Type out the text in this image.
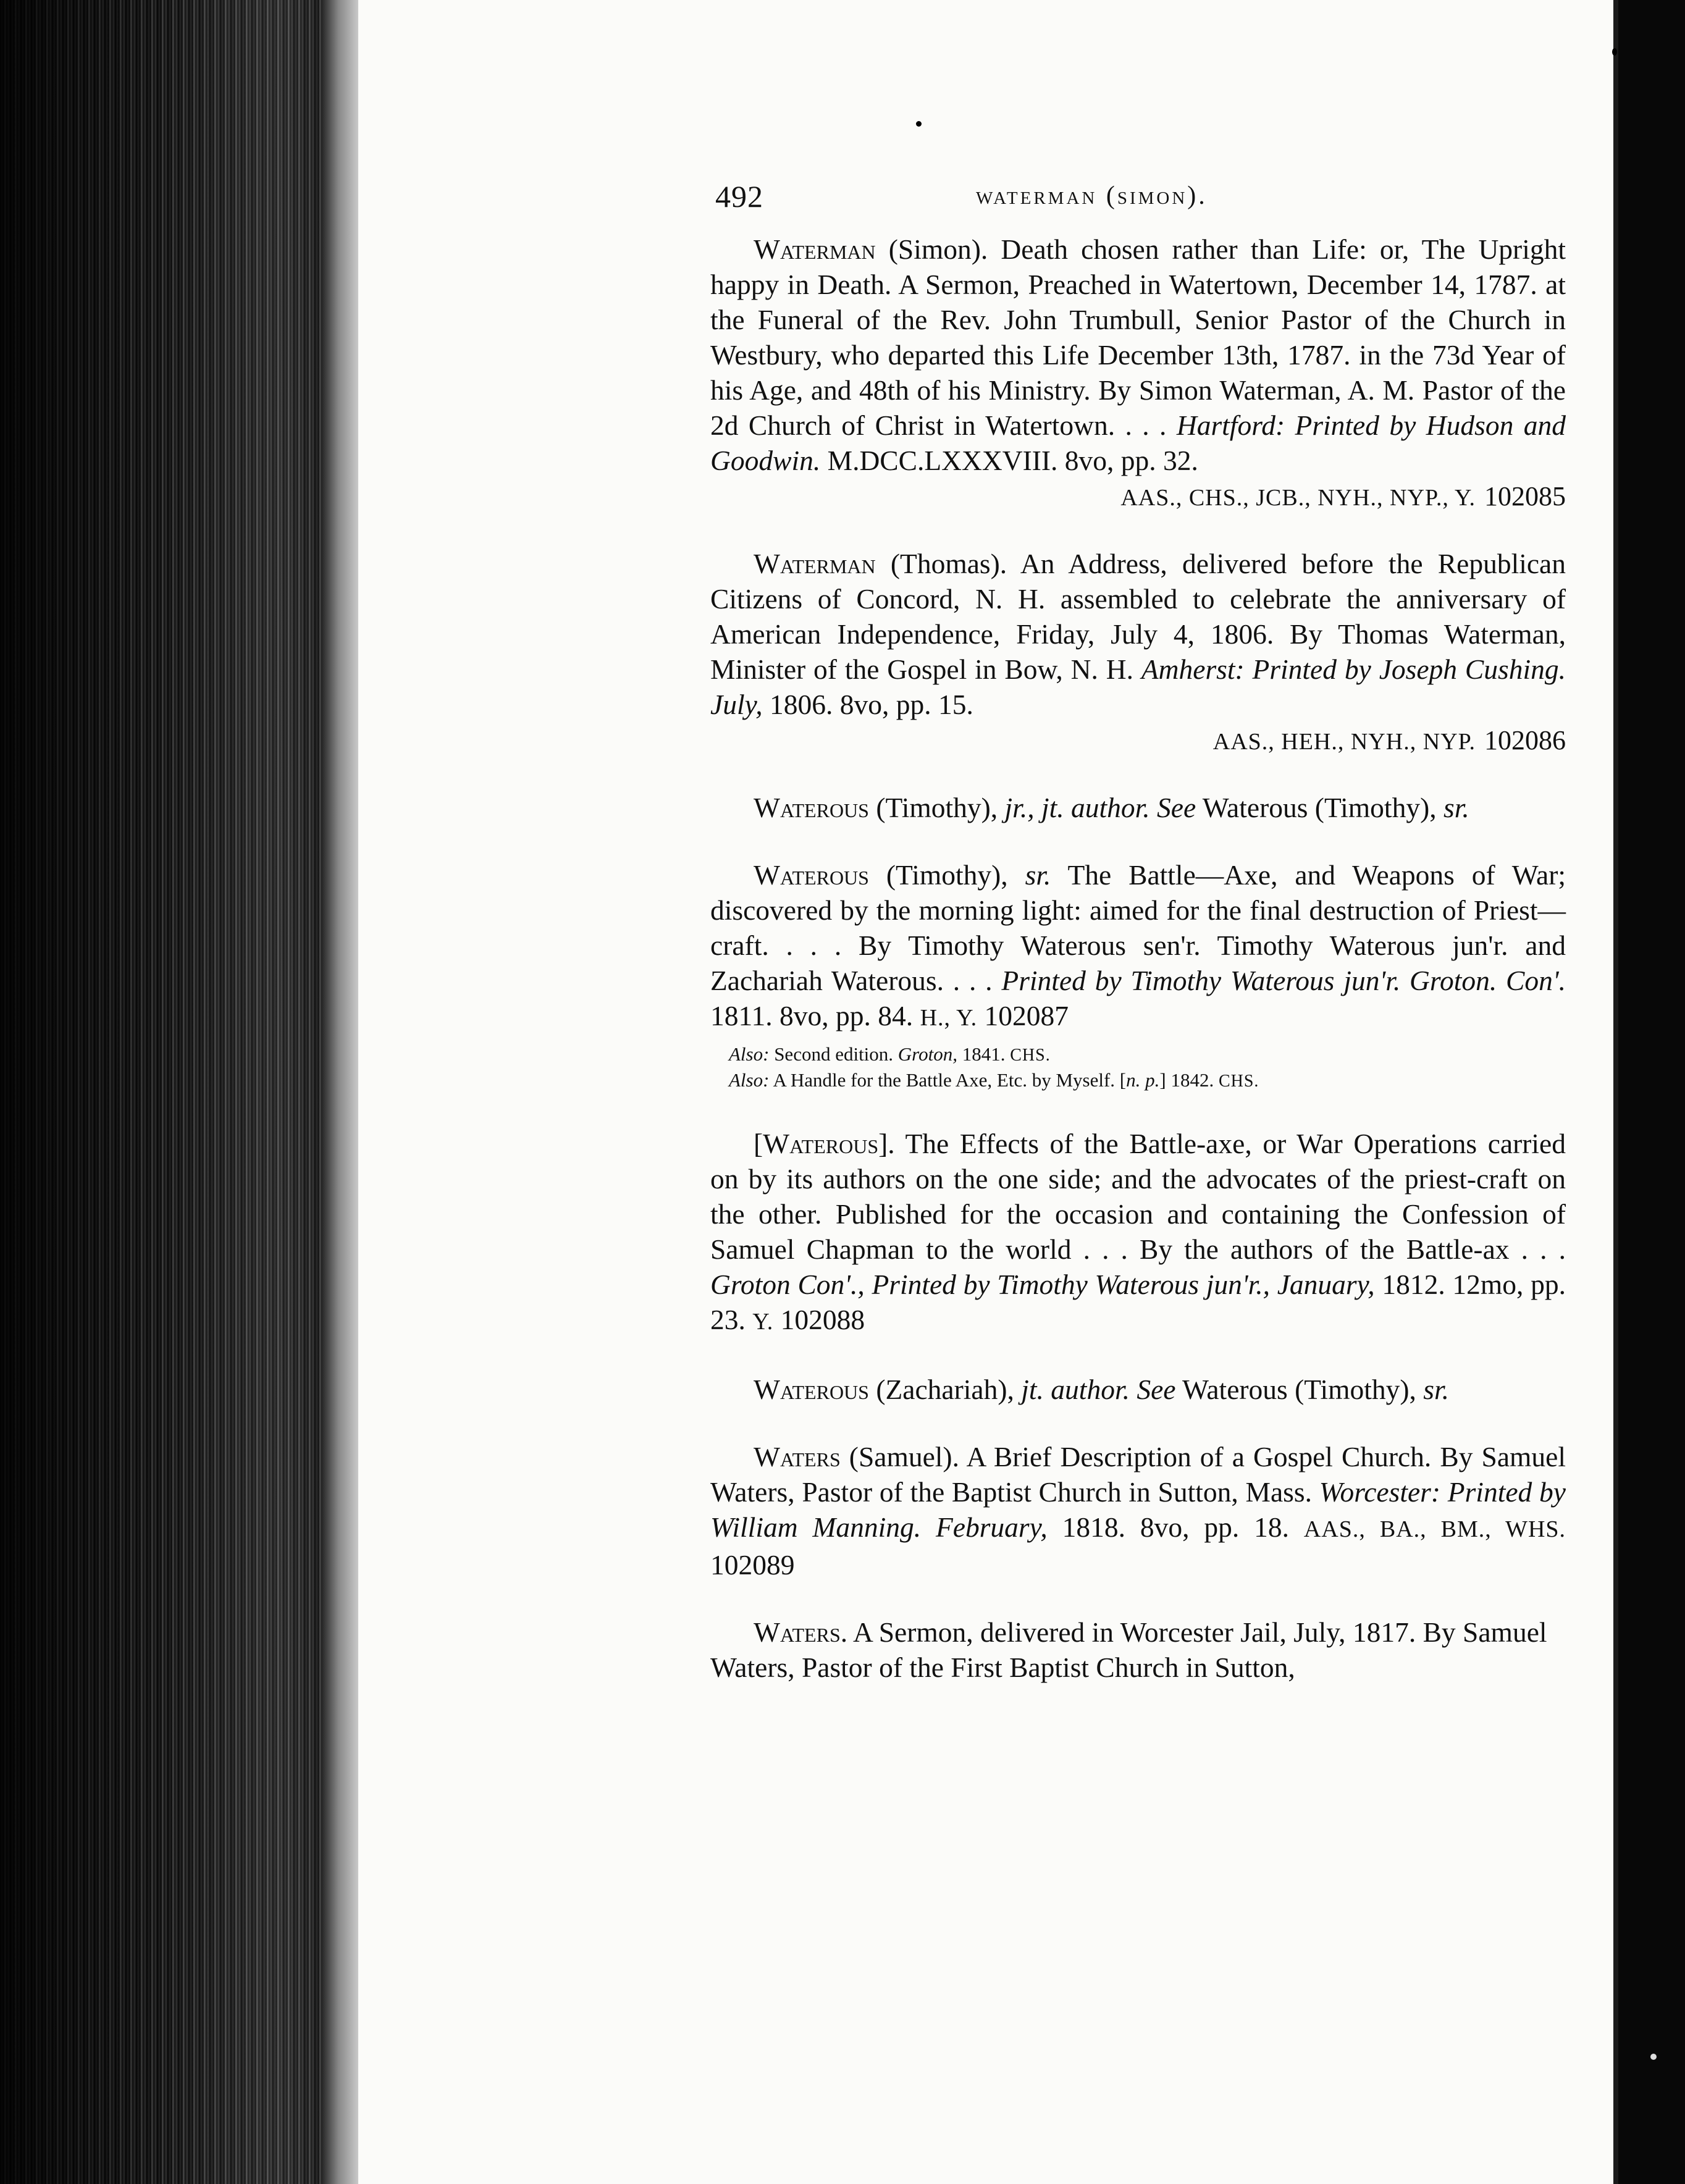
492	waterman (simon).
Waterman (Simon). Death chosen rather than Life: or, The Upright happy in Death. A Sermon, Preached in Watertown, December 14, 1787. at the Funeral of the Rev. John Trumbull, Senior Pastor of the Church in Westbury, who departed this Life December 13th, 1787. in the 73d Year of his Age, and 48th of his Ministry. By Simon Waterman, A. M. Pastor of the 2d Church of Christ in Watertown. . . . Hartford: Printed by Hudson and Goodwin. M.DCC.LXXXVIII. 8vo, pp. 32.
AAS., CHS., JCB., NYH., NYP., Y. 102085
Waterman (Thomas). An Address, delivered before the Republican Citizens of Concord, N. H. assembled to celebrate the anniversary of American Independence, Friday, July 4, 1806. By Thomas Waterman, Minister of the Gospel in Bow, N. H. Amherst: Printed by Joseph Cushing. July, 1806. 8vo, pp. 15.
AAS., HEH., NYH., NYP. 102086
Waterous (Timothy), jr., jt. author. See Waterous (Timothy), sr.
Waterous (Timothy), sr. The Battle—Axe, and Weapons of War; discovered by the morning light: aimed for the final destruction of Priest—craft. . . . By Timothy Waterous sen'r. Timothy Waterous jun'r. and Zachariah Waterous. . . . Printed by Timothy Waterous jun'r. Groton. Con'. 1811. 8vo, pp. 84. H., Y. 102087
Also: Second edition. Groton, 1841. CHS.
Also: A Handle for the Battle Axe, Etc. by Myself. [n. p.] 1842. CHS.
[Waterous]. The Effects of the Battle-axe, or War Operations carried on by its authors on the one side; and the advocates of the priest-craft on the other. Published for the occasion and containing the Confession of Samuel Chapman to the world . . . By the authors of the Battle-ax . . . Groton Con'., Printed by Timothy Waterous jun'r., January, 1812. 12mo, pp. 23. Y. 102088
Waterous (Zachariah), jt. author. See Waterous (Timothy), sr.
Waters (Samuel). A Brief Description of a Gospel Church. By Samuel Waters, Pastor of the Baptist Church in Sutton, Mass. Worcester: Printed by William Manning. February, 1818. 8vo, pp. 18. AAS., BA., BM., WHS. 102089
Waters. A Sermon, delivered in Worcester Jail, July, 1817. By Samuel Waters, Pastor of the First Baptist Church in Sutton,
